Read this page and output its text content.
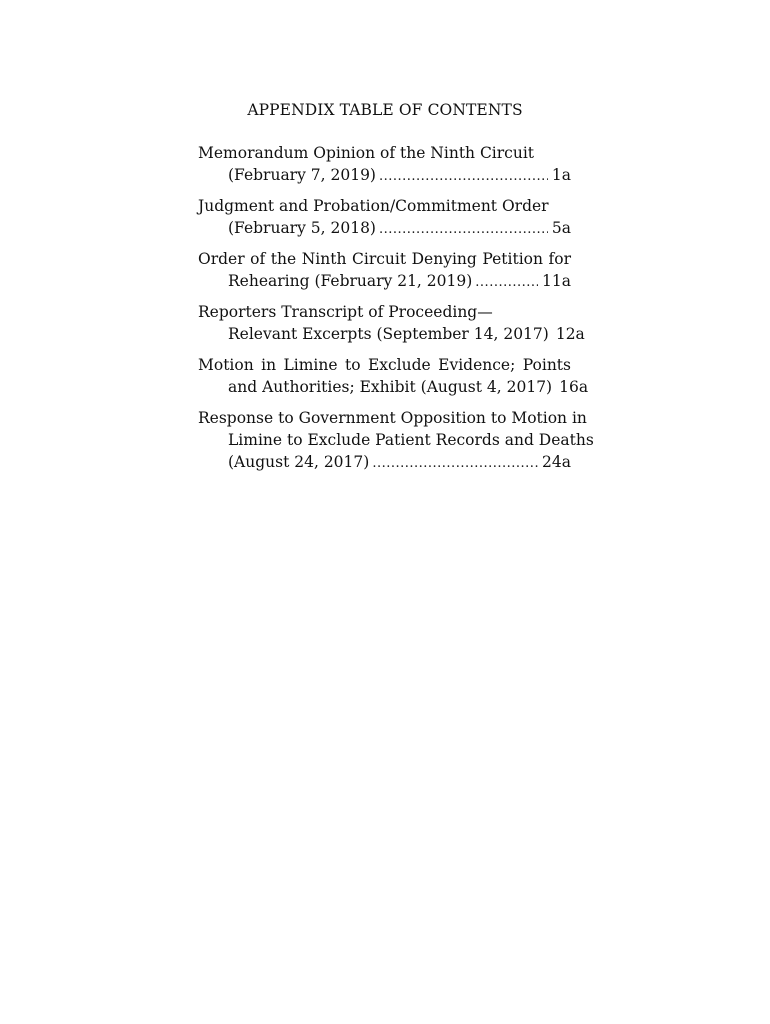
APPENDIX TABLE OF CONTENTS
Memorandum Opinion of the Ninth Circuit
(February 7, 2019) .....	1a
Judgment and Probation/Commitment Order
(February 5, 2018) .....	5a
Order of the Ninth Circuit Denying Petition for
Rehearing (February 21, 2019) .....	11a
Reporters Transcript of Proceeding—
Relevant Excerpts (September 14, 2017) 12a
Motion in Limine to Exclude Evidence; Points
and Authorities; Exhibit (August 4, 2017) 16a
Response to Government Opposition to Motion in
Limine to Exclude Patient Records and Deaths
(August 24, 2017) .....	24a
